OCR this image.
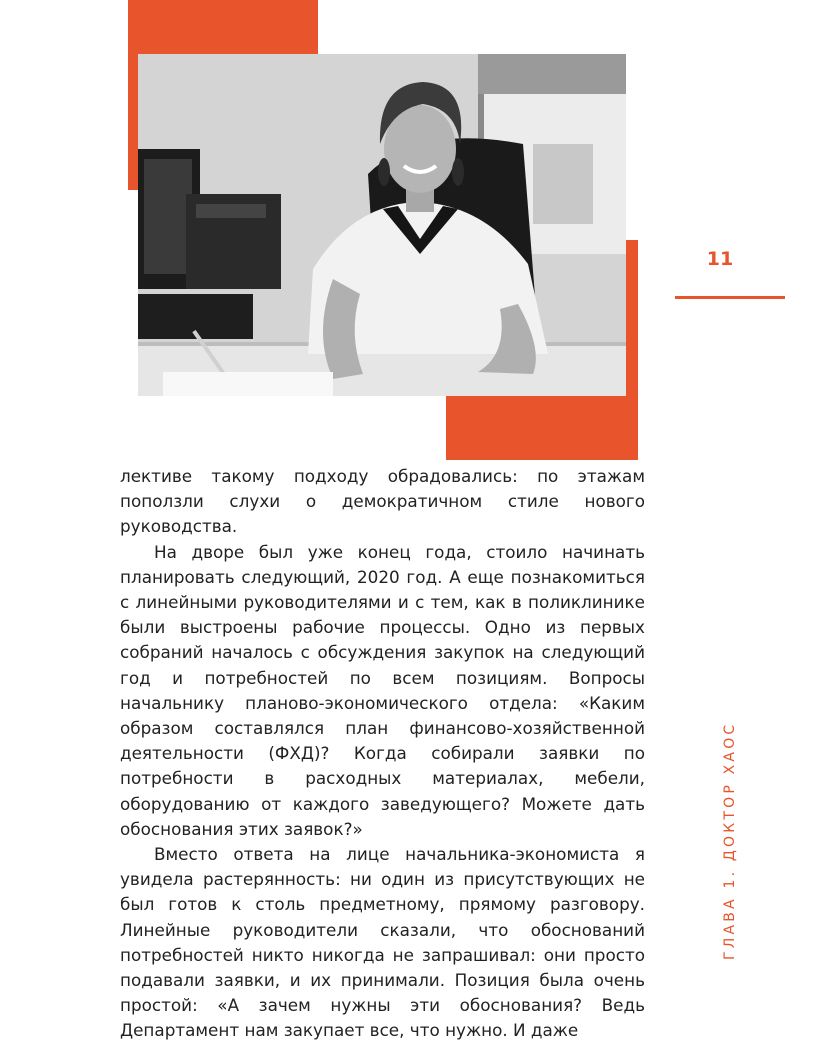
11
ГЛАВА 1. ДОКТОР ХАОС

лективе такому подходу обрадовались: по этажам поползли слухи о демократичном стиле нового руководства.

На дворе был уже конец года, стоило начинать планировать следующий, 2020 год. А еще познакомиться с линейными руководителями и с тем, как в поликлинике были выстроены рабочие процессы. Одно из первых собраний началось с обсуждения закупок на следующий год и потребностей по всем позициям. Вопросы начальнику планово-экономического отдела: «Каким образом составлялся план финансово-хозяйственной деятельности (ФХД)? Когда собирали заявки по потребности в расходных материалах, мебели, оборудованию от каждого заведующего? Можете дать обоснования этих заявок?»

Вместо ответа на лице начальника-экономиста я увидела растерянность: ни один из присутствующих не был готов к столь предметному, прямому разговору. Линейные руководители сказали, что обоснований потребностей никто никогда не запрашивал: они просто подавали заявки, и их принимали. Позиция была очень простой: «А зачем нужны эти обоснования? Ведь Департамент нам закупает все, что нужно. И даже
